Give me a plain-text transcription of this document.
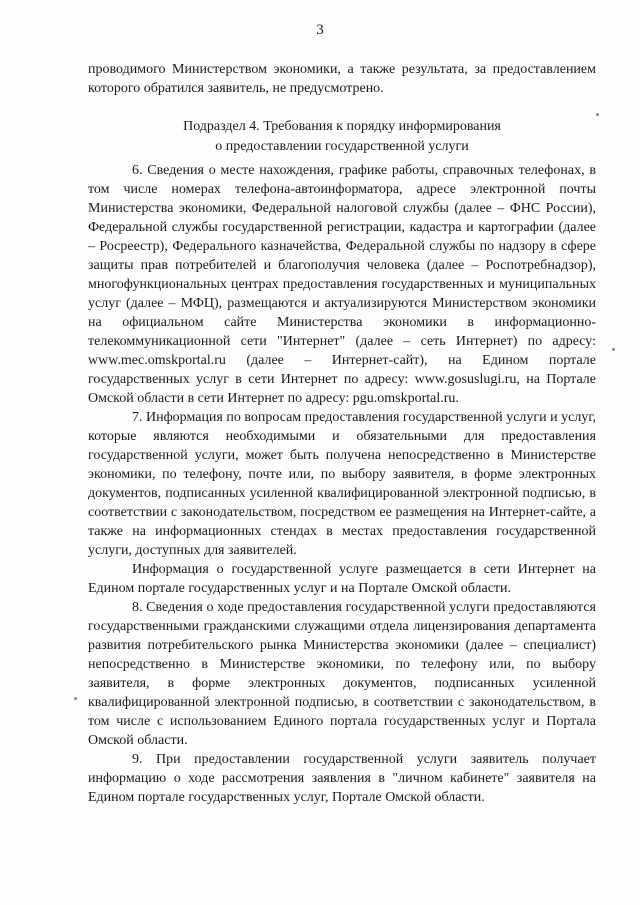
3

проводимого Министерством экономики, а также результата, за предоставлением которого обратился заявитель, не предусмотрено.

Подраздел 4. Требования к порядку информирования
о предоставлении государственной услуги

6. Сведения о месте нахождения, графике работы, справочных телефонах, в том числе номерах телефона-автоинформатора, адресе электронной почты Министерства экономики, Федеральной налоговой службы (далее – ФНС России), Федеральной службы государственной регистрации, кадастра и картографии (далее – Росреестр), Федерального казначейства, Федеральной службы по надзору в сфере защиты прав потребителей и благополучия человека (далее – Роспотребнадзор), многофункциональных центрах предоставления государственных и муниципальных услуг (далее – МФЦ), размещаются и актуализируются Министерством экономики на официальном сайте Министерства экономики в информационно-телекоммуникационной сети "Интернет" (далее – сеть Интернет) по адресу: www.mec.omskportal.ru (далее – Интернет-сайт), на Едином портале государственных услуг в сети Интернет по адресу: www.gosuslugi.ru, на Портале Омской области в сети Интернет по адресу: pgu.omskportal.ru.

7. Информация по вопросам предоставления государственной услуги и услуг, которые являются необходимыми и обязательными для предоставления государственной услуги, может быть получена непосредственно в Министерстве экономики, по телефону, почте или, по выбору заявителя, в форме электронных документов, подписанных усиленной квалифицированной электронной подписью, в соответствии с законодательством, посредством ее размещения на Интернет-сайте, а также на информационных стендах в местах предоставления государственной услуги, доступных для заявителей.

Информация о государственной услуге размещается в сети Интернет на Едином портале государственных услуг и на Портале Омской области.

8. Сведения о ходе предоставления государственной услуги предоставляются государственными гражданскими служащими отдела лицензирования департамента развития потребительского рынка Министерства экономики (далее – специалист) непосредственно в Министерстве экономики, по телефону или, по выбору заявителя, в форме электронных документов, подписанных усиленной квалифицированной электронной подписью, в соответствии с законодательством, в том числе с использованием Единого портала государственных услуг и Портала Омской области.

9. При предоставлении государственной услуги заявитель получает информацию о ходе рассмотрения заявления в "личном кабинете" заявителя на Едином портале государственных услуг, Портале Омской области.
